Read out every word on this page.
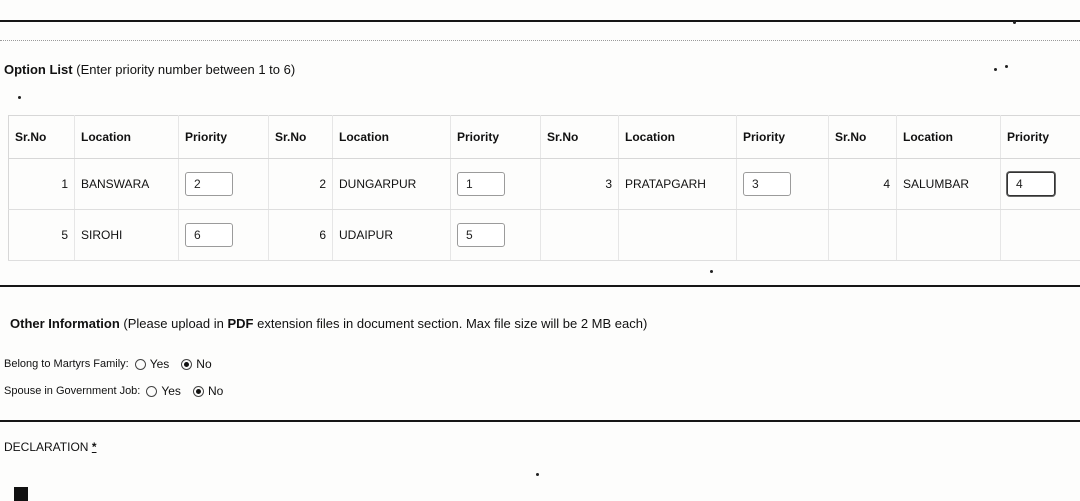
Option List (Enter priority number between 1 to 6)
Sr.No	Location	Priority	Sr.No	Location	Priority	Sr.No	Location	Priority	Sr.No	Location	Priority
1	BANSWARA	2	2	DUNGARPUR	1	3	PRATAPGARH	3	4	SALUMBAR	4
5	SIROHI	6	6	UDAIPUR	5						
Other Information (Please upload in PDF extension files in document section. Max file size will be 2 MB each)
Belong to Martyrs Family: Yes No
Spouse in Government Job: Yes No
DECLARATION *
